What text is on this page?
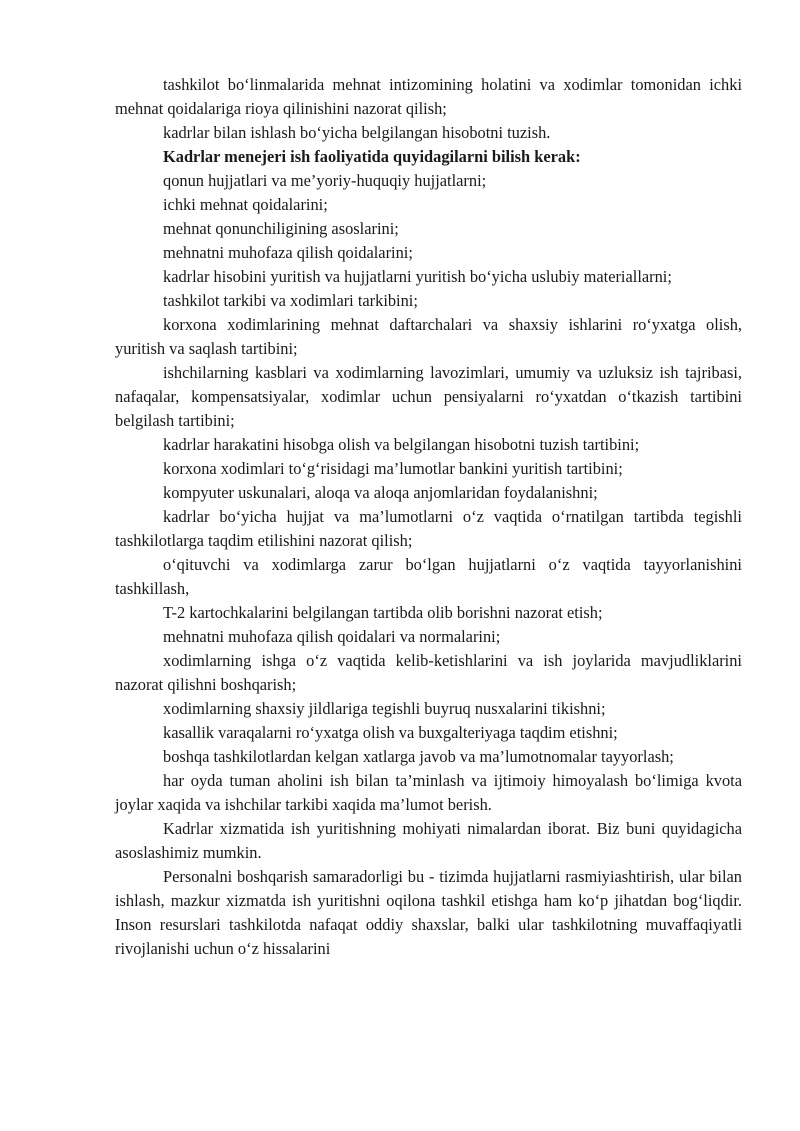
tashkilot bo‘linmalarida mehnat intizomining holatini va xodimlar tomonidan ichki mehnat qoidalariga rioya qilinishini nazorat qilish;

kadrlar bilan ishlash bo‘yicha belgilangan hisobotni tuzish.

Kadrlar menejeri ish faoliyatida quyidagilarni bilish kerak:

qonun hujjatlari va me’yoriy-huquqiy hujjatlarni;

ichki mehnat qoidalarini;

mehnat qonunchiligining asoslarini;

mehnatni muhofaza qilish qoidalarini;

kadrlar hisobini yuritish va hujjatlarni yuritish bo‘yicha uslubiy materiallarni;

tashkilot tarkibi va xodimlari tarkibini;

korxona xodimlarining mehnat daftarchalari va shaxsiy ishlarini ro‘yxatga olish, yuritish va saqlash tartibini;

ishchilarning kasblari va xodimlarning lavozimlari, umumiy va uzluksiz ish tajribasi, nafaqalar, kompensatsiyalar, xodimlar uchun pensiyalarni ro‘yxatdan o‘tkazish tartibini belgilash tartibini;

kadrlar harakatini hisobga olish va belgilangan hisobotni tuzish tartibini;

korxona xodimlari to‘g‘risidagi ma’lumotlar bankini yuritish tartibini;

kompyuter uskunalari, aloqa va aloqa anjomlaridan foydalanishni;

kadrlar bo‘yicha hujjat va ma’lumotlarni o‘z vaqtida o‘rnatilgan tartibda tegishli tashkilotlarga taqdim etilishini nazorat qilish;

o‘qituvchi va xodimlarga zarur bo‘lgan hujjatlarni o‘z vaqtida tayyorlanishini tashkillash,

T-2 kartochkalarini belgilangan tartibda olib borishni nazorat etish;

mehnatni muhofaza qilish qoidalari va normalarini;

xodimlarning ishga o‘z vaqtida kelib-ketishlarini va ish joylarida mavjudliklarini nazorat qilishni boshqarish;

xodimlarning shaxsiy jildlariga tegishli buyruq nusxalarini tikishni;

kasallik varaqalarni ro‘yxatga olish va buxgalteriyaga taqdim etishni;

boshqa tashkilotlardan kelgan xatlarga javob va ma’lumotnomalar tayyorlash;

har oyda tuman aholini ish bilan ta’minlash va ijtimoiy himoyalash bo‘limiga kvota joylar xaqida va ishchilar tarkibi xaqida ma’lumot berish.

Kadrlar xizmatida ish yuritishning mohiyati nimalardan iborat. Biz buni quyidagicha asoslashimiz mumkin.

Personalni boshqarish samaradorligi bu - tizimda hujjatlarni rasmiyiashtirish, ular bilan ishlash, mazkur xizmatda ish yuritishni oqilona tashkil etishga ham ko‘p jihatdan bog‘liqdir. Inson resurslari tashkilotda nafaqat oddiy shaxslar, balki ular tashkilotning muvaffaqiyatli rivojlanishi uchun o‘z hissalarini
